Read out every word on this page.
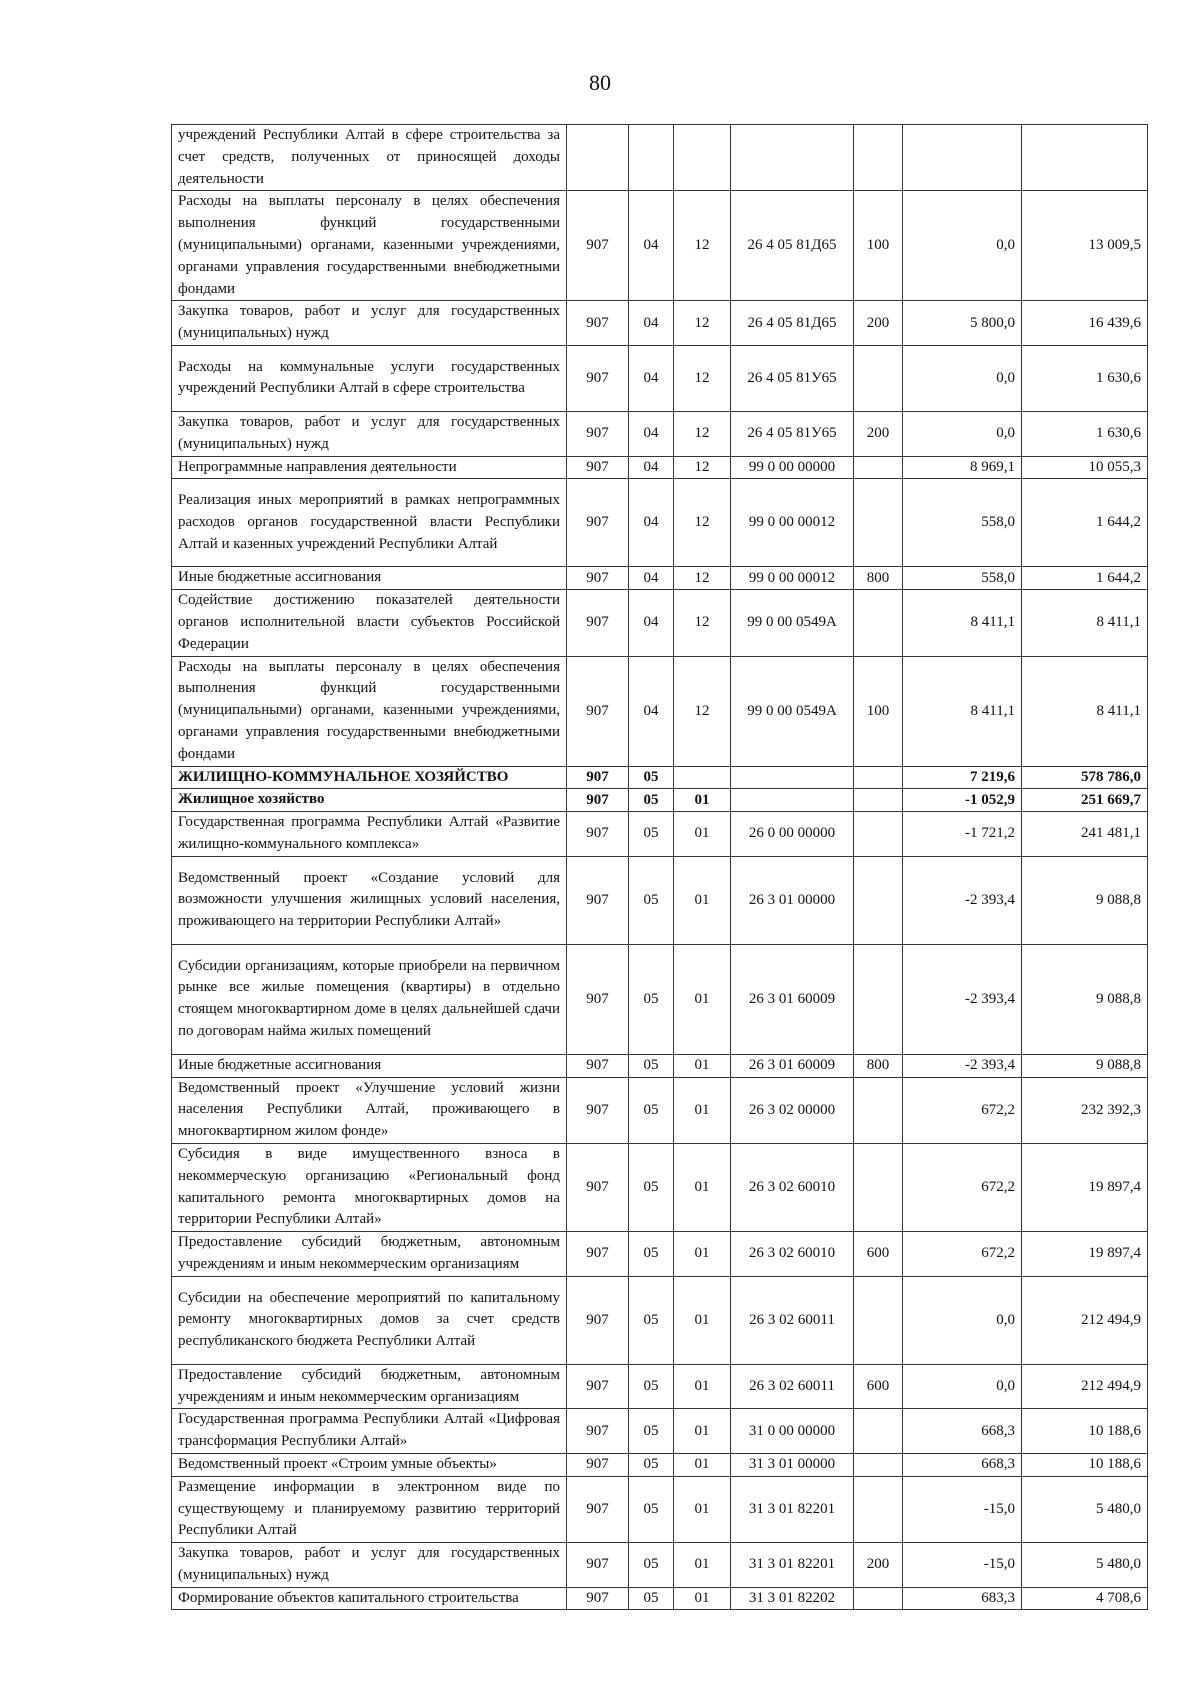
80
учреждений Республики Алтай в сфере строительства за счет средств, полученных от приносящей доходы деятельности							
Расходы на выплаты персоналу в целях обеспечения выполнения функций государственными (муниципальными) органами, казенными учреждениями, органами управления государственными внебюджетными фондами	907	04	12	26 4 05 81Д65	100	0,0	13 009,5
Закупка товаров, работ и услуг для государственных (муниципальных) нужд	907	04	12	26 4 05 81Д65	200	5 800,0	16 439,6
Расходы на коммунальные услуги государственных учреждений Республики Алтай в сфере строительства	907	04	12	26 4 05 81У65		0,0	1 630,6
Закупка товаров, работ и услуг для государственных (муниципальных) нужд	907	04	12	26 4 05 81У65	200	0,0	1 630,6
Непрограммные направления деятельности	907	04	12	99 0 00 00000		8 969,1	10 055,3
Реализация иных мероприятий в рамках непрограммных расходов органов государственной власти Республики Алтай и казенных учреждений Республики Алтай	907	04	12	99 0 00 00012		558,0	1 644,2
Иные бюджетные ассигнования	907	04	12	99 0 00 00012	800	558,0	1 644,2
Содействие достижению показателей деятельности органов исполнительной власти субъектов Российской Федерации	907	04	12	99 0 00 0549А		8 411,1	8 411,1
Расходы на выплаты персоналу в целях обеспечения выполнения функций государственными (муниципальными) органами, казенными учреждениями, органами управления государственными внебюджетными фондами	907	04	12	99 0 00 0549А	100	8 411,1	8 411,1
ЖИЛИЩНО-КОММУНАЛЬНОЕ ХОЗЯЙСТВО	907	05				7 219,6	578 786,0
Жилищное хозяйство	907	05	01			-1 052,9	251 669,7
Государственная программа Республики Алтай «Развитие жилищно-коммунального комплекса»	907	05	01	26 0 00 00000		-1 721,2	241 481,1
Ведомственный проект «Создание условий для возможности улучшения жилищных условий населения, проживающего на территории Республики Алтай»	907	05	01	26 3 01 00000		-2 393,4	9 088,8
Субсидии организациям, которые приобрели на первичном рынке все жилые помещения (квартиры) в отдельно стоящем многоквартирном доме в целях дальнейшей сдачи по договорам найма жилых помещений	907	05	01	26 3 01 60009		-2 393,4	9 088,8
Иные бюджетные ассигнования	907	05	01	26 3 01 60009	800	-2 393,4	9 088,8
Ведомственный проект «Улучшение условий жизни населения Республики Алтай, проживающего в многоквартирном жилом фонде»	907	05	01	26 3 02 00000		672,2	232 392,3
Субсидия в виде имущественного взноса в некоммерческую организацию «Региональный фонд капитального ремонта многоквартирных домов на территории Республики Алтай»	907	05	01	26 3 02 60010		672,2	19 897,4
Предоставление субсидий бюджетным, автономным учреждениям и иным некоммерческим организациям	907	05	01	26 3 02 60010	600	672,2	19 897,4
Субсидии на обеспечение мероприятий по капитальному ремонту многоквартирных домов за счет средств республиканского бюджета Республики Алтай	907	05	01	26 3 02 60011		0,0	212 494,9
Предоставление субсидий бюджетным, автономным учреждениям и иным некоммерческим организациям	907	05	01	26 3 02 60011	600	0,0	212 494,9
Государственная программа Республики Алтай «Цифровая трансформация Республики Алтай»	907	05	01	31 0 00 00000		668,3	10 188,6
Ведомственный проект «Строим умные объекты»	907	05	01	31 3 01 00000		668,3	10 188,6
Размещение информации в электронном виде по существующему и планируемому развитию территорий Республики Алтай	907	05	01	31 3 01 82201		-15,0	5 480,0
Закупка товаров, работ и услуг для государственных (муниципальных) нужд	907	05	01	31 3 01 82201	200	-15,0	5 480,0
Формирование объектов капитального строительства	907	05	01	31 3 01 82202		683,3	4 708,6
